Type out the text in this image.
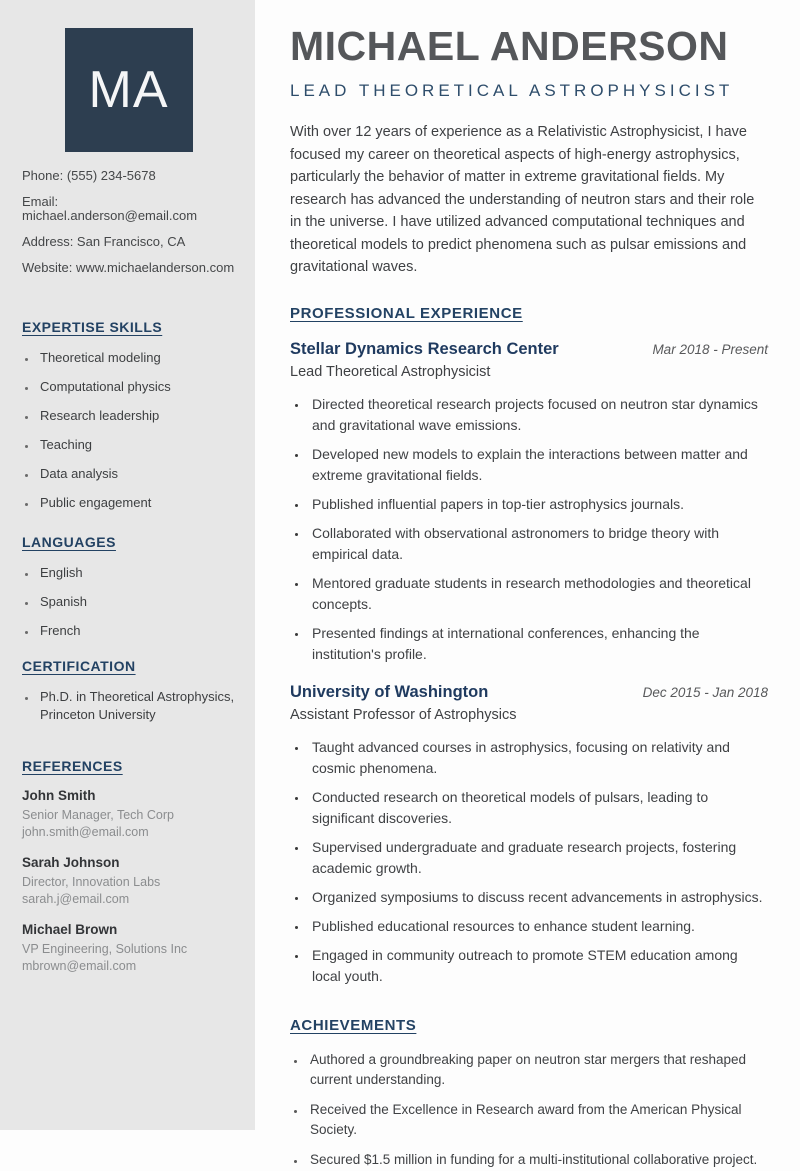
MA
Phone: (555) 234-5678
Email: michael.anderson@email.com
Address: San Francisco, CA
Website: www.michaelanderson.com
EXPERTISE SKILLS
• Theoretical modeling
• Computational physics
• Research leadership
• Teaching
• Data analysis
• Public engagement
LANGUAGES
• English
• Spanish
• French
CERTIFICATION
• Ph.D. in Theoretical Astrophysics, Princeton University
REFERENCES
John Smith
Senior Manager, Tech Corp
john.smith@email.com
Sarah Johnson
Director, Innovation Labs
sarah.j@email.com
Michael Brown
VP Engineering, Solutions Inc
mbrown@email.com
MICHAEL ANDERSON
LEAD THEORETICAL ASTROPHYSICIST

With over 12 years of experience as a Relativistic Astrophysicist, I have focused my career on theoretical aspects of high-energy astrophysics, particularly the behavior of matter in extreme gravitational fields. My research has advanced the understanding of neutron stars and their role in the universe. I have utilized advanced computational techniques and theoretical models to predict phenomena such as pulsar emissions and gravitational waves.

PROFESSIONAL EXPERIENCE
Stellar Dynamics Research Center	Mar 2018 - Present
Lead Theoretical Astrophysicist
• Directed theoretical research projects focused on neutron star dynamics and gravitational wave emissions.
• Developed new models to explain the interactions between matter and extreme gravitational fields.
• Published influential papers in top-tier astrophysics journals.
• Collaborated with observational astronomers to bridge theory with empirical data.
• Mentored graduate students in research methodologies and theoretical concepts.
• Presented findings at international conferences, enhancing the institution's profile.
University of Washington	Dec 2015 - Jan 2018
Assistant Professor of Astrophysics
• Taught advanced courses in astrophysics, focusing on relativity and cosmic phenomena.
• Conducted research on theoretical models of pulsars, leading to significant discoveries.
• Supervised undergraduate and graduate research projects, fostering academic growth.
• Organized symposiums to discuss recent advancements in astrophysics.
• Published educational resources to enhance student learning.
• Engaged in community outreach to promote STEM education among local youth.
ACHIEVEMENTS
• Authored a groundbreaking paper on neutron star mergers that reshaped current understanding.
• Received the Excellence in Research award from the American Physical Society.
• Secured $1.5 million in funding for a multi-institutional collaborative project.
